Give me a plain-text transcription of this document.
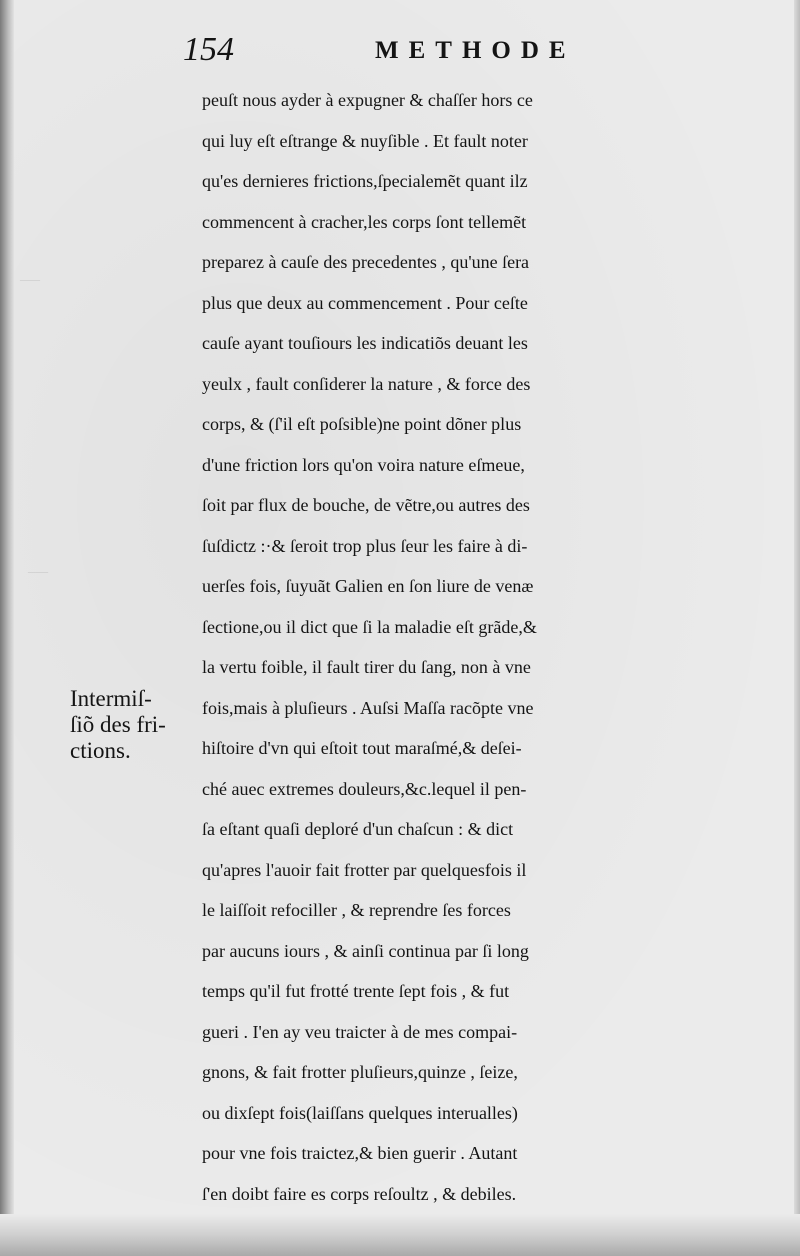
—
—
154	METHODE
peuſt nous ayder à expugner & chaſſer hors ce
qui luy eſt eſtrange & nuyſible . Et fault noter
qu'es dernieres frictions,ſpecialemẽt quant ilz
commencent à cracher,les corps ſont tellemẽt
preparez à cauſe des precedentes , qu'une ſera
plus que deux au commencement . Pour ceſte
cauſe ayant touſiours les indicatiõs deuant les
yeulx , fault conſiderer la nature , & force des
corps, & (ſ'il eſt poſsible)ne point dõner plus
d'une friction lors qu'on voira nature eſmeue,
ſoit par flux de bouche, de vẽtre,ou autres des
ſuſdictz :·& ſeroit trop plus ſeur les faire à di-
uerſes fois, ſuyuãt Galien en ſon liure de venæ
ſectione,ou il dict que ſi la maladie eſt grãde,&
la vertu foible, il fault tirer du ſang, non à vne
fois,mais à pluſieurs . Auſsi Maſſa racõpte vne
hiſtoire d'vn qui eſtoit tout maraſmé,& deſei-
ché auec extremes douleurs,&c.lequel il pen-
ſa eſtant quaſi deploré d'un chaſcun : & dict
qu'apres l'auoir fait frotter par quelquesfois il
le laiſſoit refociller , & reprendre ſes forces
par aucuns iours , & ainſi continua par ſi long
temps qu'il fut frotté trente ſept fois , & fut
gueri . I'en ay veu traicter à de mes compai-
gnons, & fait frotter pluſieurs,quinze , ſeize,
ou dixſept fois(laiſſans quelques interualles)
pour vne fois traictez,& bien guerir . Autant
ſ'en doibt faire es corps reſoultz , & debiles.
Intermiſ-
ſiõ des fri-
ctions.
